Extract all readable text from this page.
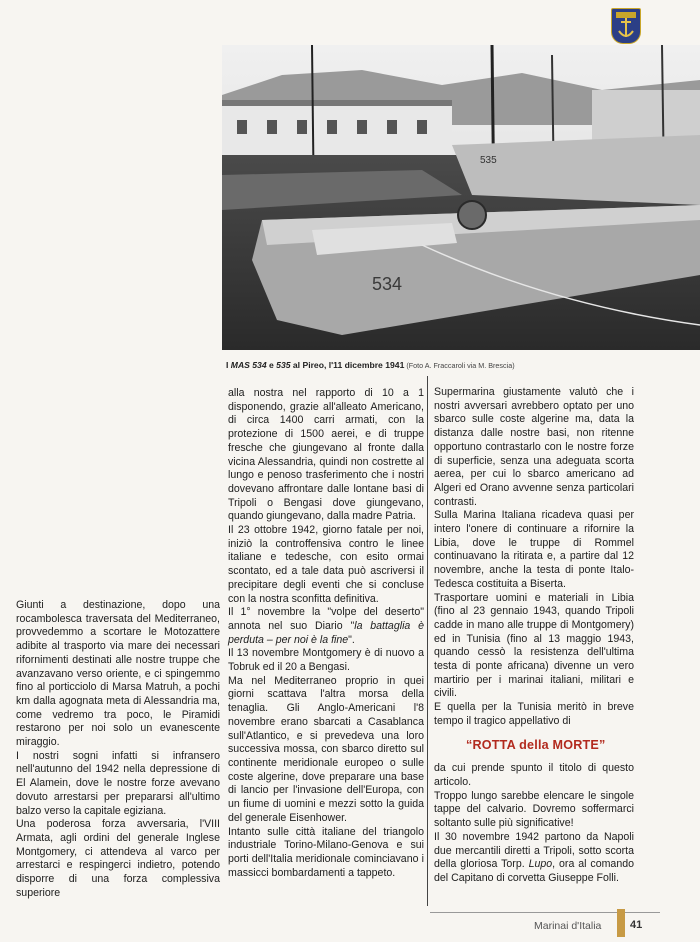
535
534
I MAS 534 e 535 al Pireo, l'11 dicembre 1941 (Foto A. Fraccaroli via M. Brescia)

Giunti a destinazione, dopo una rocambolesca traversata del Mediterraneo, provvedemmo a scortare le Motozattere adibite al trasporto via mare dei necessari rifornimenti destinati alle nostre truppe che avanzavano verso oriente, e ci spingemmo fino al porticciolo di Marsa Matruh, a pochi km dalla agognata meta di Alessandria ma, come vedremo tra poco, le Piramidi restarono per noi solo un evanescente miraggio.

I nostri sogni infatti si infransero nell'autunno del 1942 nella depressione di El Alamein, dove le nostre forze avevano dovuto arrestarsi per prepararsi all'ultimo balzo verso la capitale egiziana.

Una poderosa forza avversaria, l'VIII Armata, agli ordini del generale Inglese Montgomery, ci attendeva al varco per arrestarci e respingerci indietro, potendo disporre di una forza complessiva superiore

alla nostra nel rapporto di 10 a 1 disponendo, grazie all'alleato Americano, di circa 1400 carri armati, con la protezione di 1500 aerei, e di truppe fresche che giungevano al fronte dalla vicina Alessandria, quindi non costrette al lungo e penoso trasferimento che i nostri dovevano affrontare dalle lontane basi di Tripoli o Bengasi dove giungevano, quando giungevano, dalla madre Patria.

Il 23 ottobre 1942, giorno fatale per noi, iniziò la controffensiva contro le linee italiane e tedesche, con esito ormai scontato, ed a tale data può ascriversi il precipitare degli eventi che si concluse con la nostra sconfitta definitiva.

Il 1° novembre la "volpe del deserto" annota nel suo Diario "la battaglia è perduta – per noi è la fine".

Il 13 novembre Montgomery è di nuovo a Tobruk ed il 20 a Bengasi.

Ma nel Mediterraneo proprio in quei giorni scattava l'altra morsa della tenaglia. Gli Anglo-Americani l'8 novembre erano sbarcati a Casablanca sull'Atlantico, e si prevedeva una loro successiva mossa, con sbarco diretto sul continente meridionale europeo o sulle coste algerine, dove preparare una base di lancio per l'invasione dell'Europa, con un fiume di uomini e mezzi sotto la guida del generale Eisenhower.

Intanto sulle città italiane del triangolo industriale Torino-Milano-Genova e sui porti dell'Italia meridionale cominciavano i massicci bombardamenti a tappeto.

Supermarina giustamente valutò che i nostri avversari avrebbero optato per uno sbarco sulle coste algerine ma, data la distanza dalle nostre basi, non ritenne opportuno contrastarlo con le nostre forze di superficie, senza una adeguata scorta aerea, per cui lo sbarco americano ad Algeri ed Orano avvenne senza particolari contrasti.

Sulla Marina Italiana ricadeva quasi per intero l'onere di continuare a rifornire la Libia, dove le truppe di Rommel continuavano la ritirata e, a partire dal 12 novembre, anche la testa di ponte Italo-Tedesca costituita a Biserta.

Trasportare uomini e materiali in Libia (fino al 23 gennaio 1943, quando Tripoli cadde in mano alle truppe di Montgomery) ed in Tunisia (fino al 13 maggio 1943, quando cessò la resistenza dell'ultima testa di ponte africana) divenne un vero martirio per i marinai italiani, militari e civili.

E quella per la Tunisia meritò in breve tempo il tragico appellativo di

“ROTTA della MORTE”

da cui prende spunto il titolo di questo articolo.

Troppo lungo sarebbe elencare le singole tappe del calvario. Dovremo soffermarci soltanto sulle più significative!

Il 30 novembre 1942 partono da Napoli due mercantili diretti a Tripoli, sotto scorta della gloriosa Torp. Lupo, ora al comando del Capitano di corvetta Giuseppe Folli.

Marinai d'Italia	41
